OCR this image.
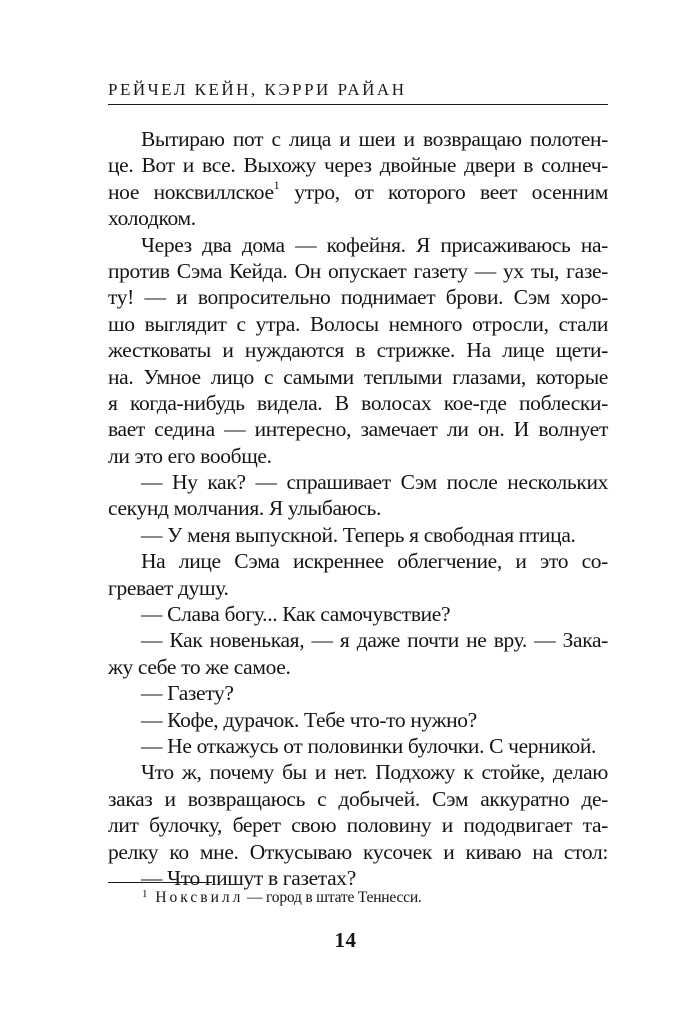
РЕЙЧЕЛ КЕЙН, КЭРРИ РАЙАН
Вытираю пот с лица и шеи и возвращаю полотен-
це. Вот и все. Выхожу через двойные двери в солнеч-
ное ноксвиллское$^1$ утро, от которого веет осенним
холодком.
Через два дома — кофейня. Я присаживаюсь на-
против Сэма Кейда. Он опускает газету — ух ты, газе-
ту! — и вопросительно поднимает брови. Сэм хоро-
шо выглядит с утра. Волосы немного отросли, стали
жестковаты и нуждаются в стрижке. На лице щети-
на. Умное лицо с самыми теплыми глазами, которые
я когда-нибудь видела. В волосах кое-где поблески-
вает седина — интересно, замечает ли он. И волнует
ли это его вообще.
— Ну как? — спрашивает Сэм после нескольких
секунд молчания. Я улыбаюсь.
— У меня выпускной. Теперь я свободная птица.
На лице Сэма искреннее облегчение, и это со-
гревает душу.
— Слава богу... Как самочувствие?
— Как новенькая, — я даже почти не вру. — Зака-
жу себе то же самое.
— Газету?
— Кофе, дурачок. Тебе что-то нужно?
— Не откажусь от половинки булочки. С черникой.
Что ж, почему бы и нет. Подхожу к стойке, делаю
заказ и возвращаюсь с добычей. Сэм аккуратно де-
лит булочку, берет свою половину и пододвигает та-
релку ко мне. Откусываю кусочек и киваю на стол:
— Что пишут в газетах?
$^1$ Ноксвилл — город в штате Теннесси.
14
